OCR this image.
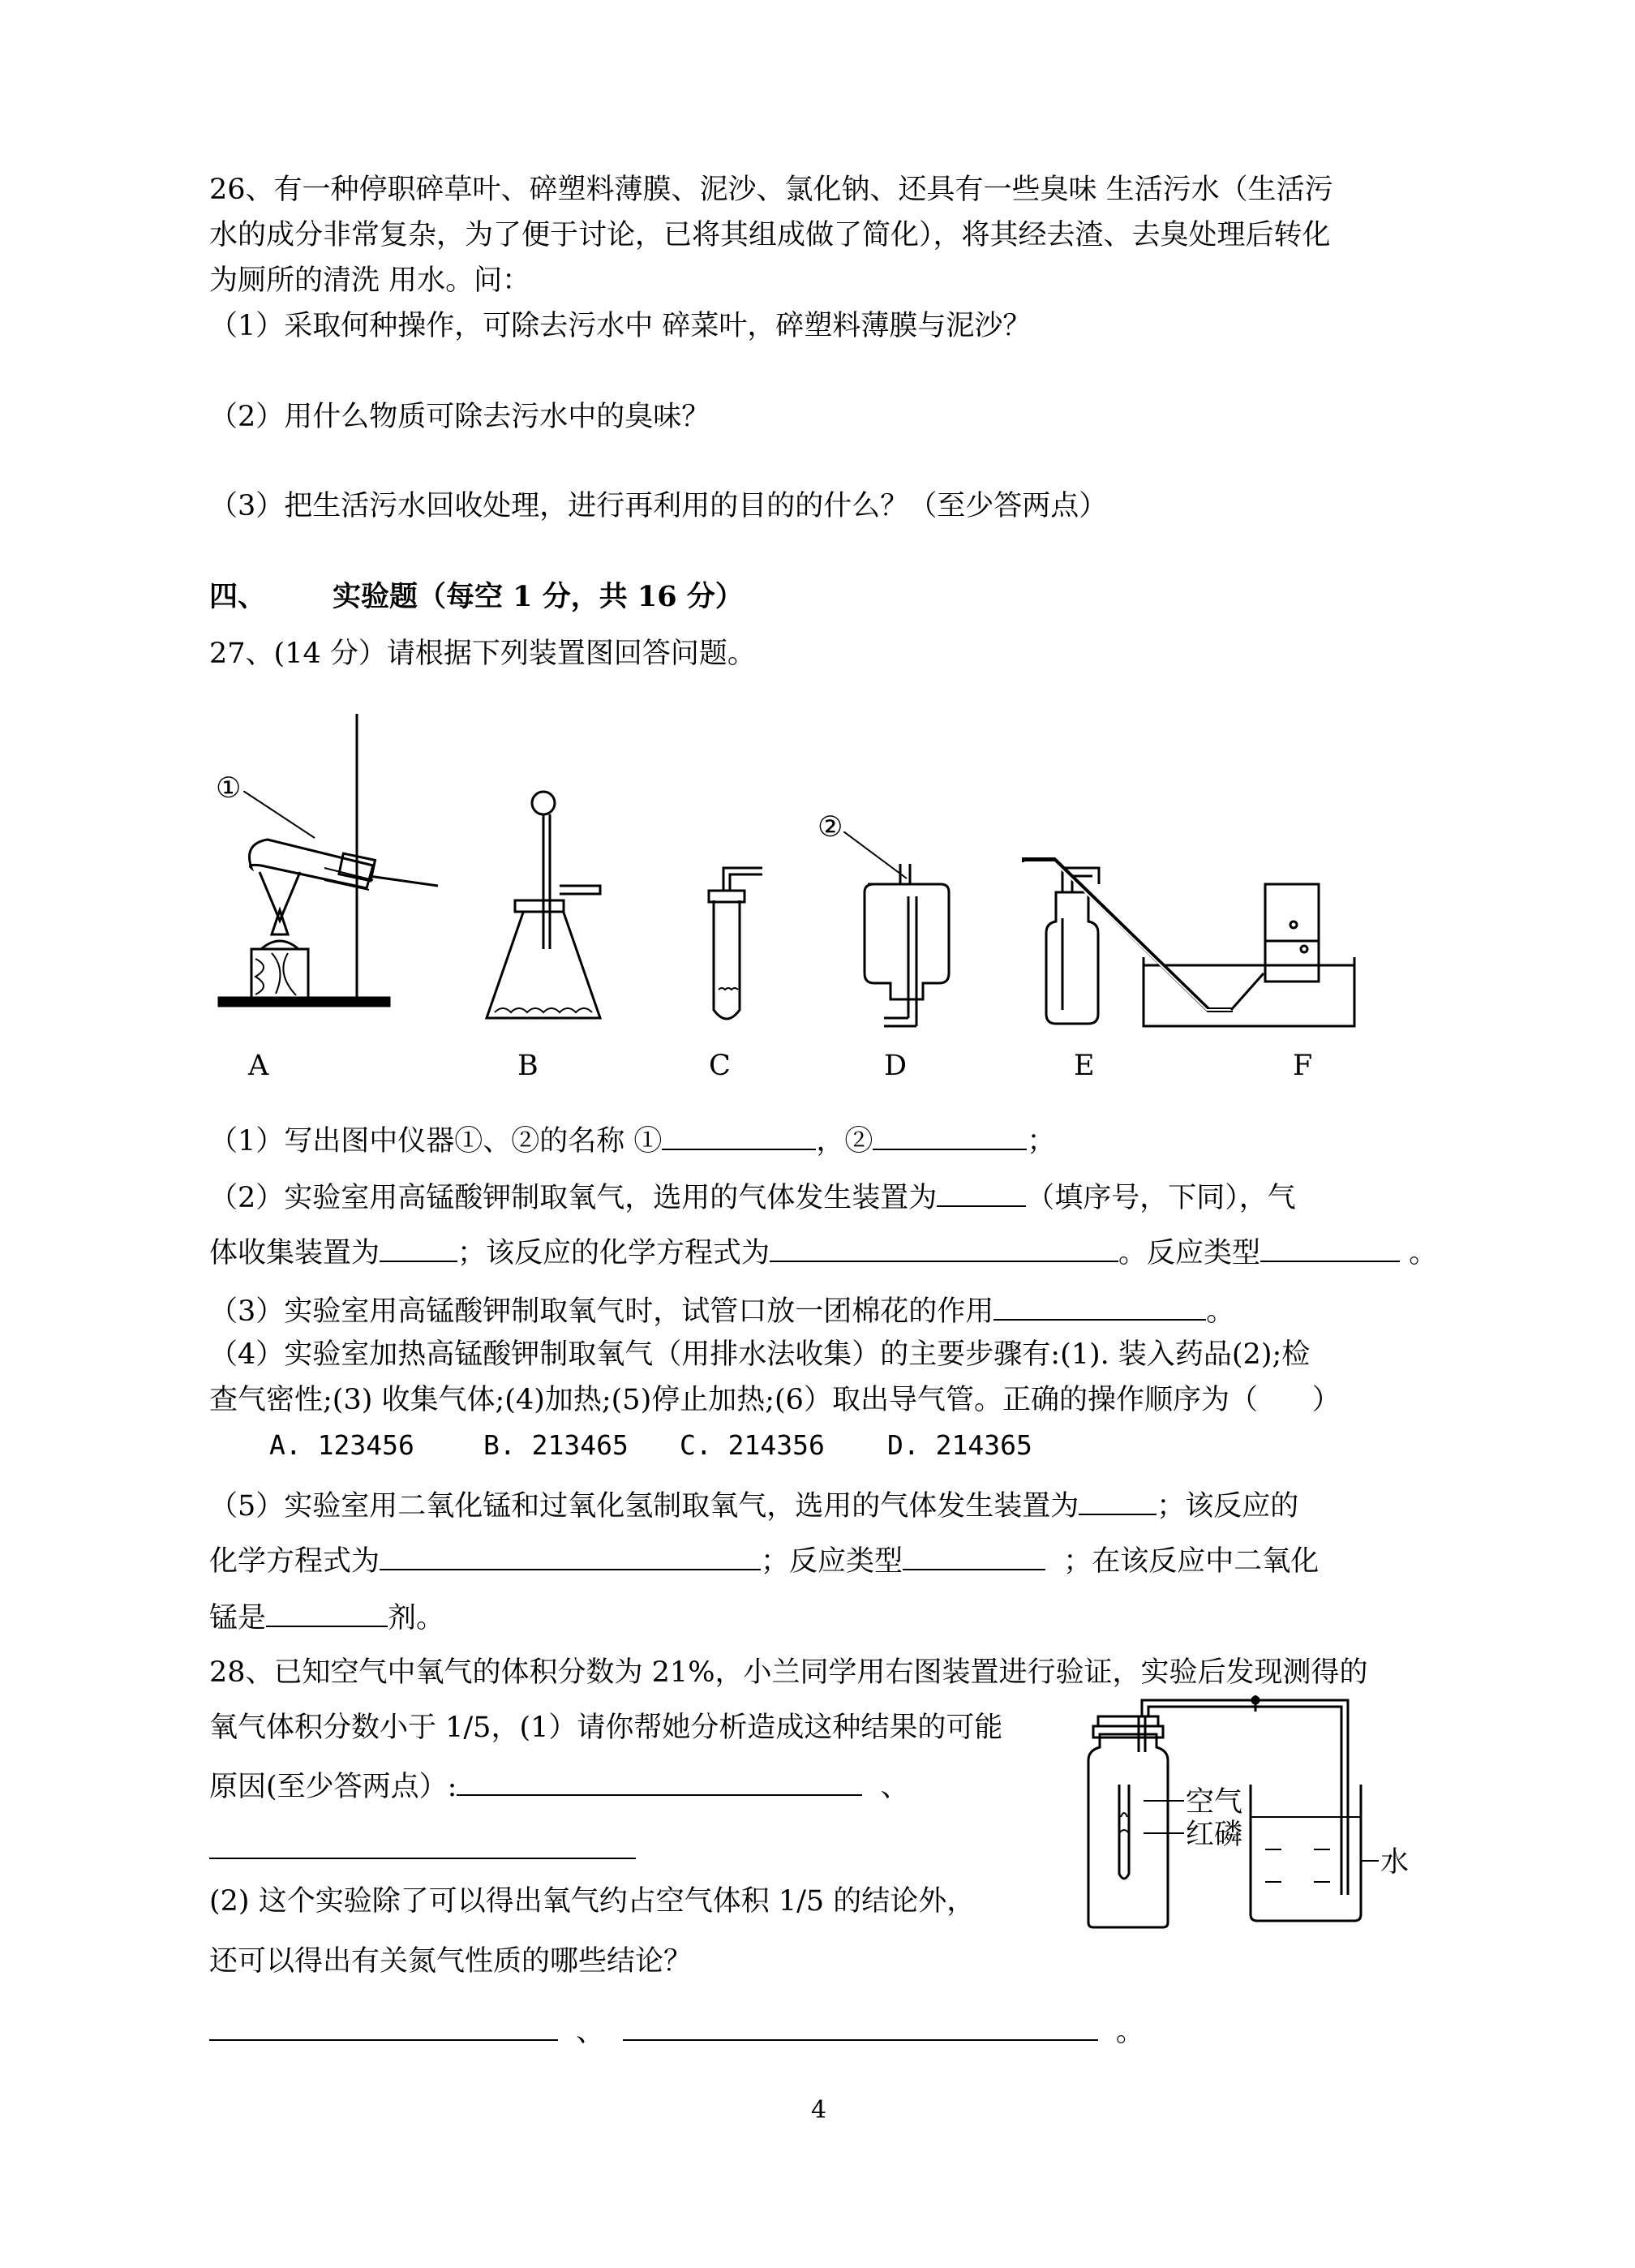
26、有一种停职碎草叶、碎塑料薄膜、泥沙、氯化钠、还具有一些臭味 生活污水（生活污
水的成分非常复杂，为了便于讨论，已将其组成做了简化），将其经去渣、去臭处理后转化
为厕所的清洗 用水。问：
（1）采取何种操作，可除去污水中 碎菜叶，碎塑料薄膜与泥沙？
（2）用什么物质可除去污水中的臭味？
（3）把生活污水回收处理，进行再利用的目的的什么？（至少答两点）
四、 实验题（每空 1 分，共 16 分）
27、(14 分）请根据下列装置图回答问题。
①
②
A	B	C	D	E	F
（1）写出图中仪器①、②的名称 ①	，②	；
（2）实验室用高锰酸钾制取氧气，选用的气体发生装置为	（填序号，下同），气
体收集装置为	；该反应的化学方程式为	。反应类型	。
（3）实验室用高锰酸钾制取氧气时，试管口放一团棉花的作用	。
（4）实验室加热高锰酸钾制取氧气（用排水法收集）的主要步骤有:(1). 装入药品(2);检
查气密性;(3) 收集气体;(4)加热;(5)停止加热;(6）取出导气管。正确的操作顺序为（      ）
A. 123456	B. 213465 C. 214356 D. 214365
（5）实验室用二氧化锰和过氧化氢制取氧气，选用的气体发生装置为	；该反应的
化学方程式为	；反应类型	；在该反应中二氧化
锰是	剂。
28、已知空气中氧气的体积分数为 21%，小兰同学用右图装置进行验证，实验后发现测得的
氧气体积分数小于 1/5，(1）请你帮她分析造成这种结果的可能
原因(至少答两点）:	、
(2) 这个实验除了可以得出氧气约占空气体积 1/5 的结论外，
还可以得出有关氮气性质的哪些结论？
、	。
空气
红磷
水
4
